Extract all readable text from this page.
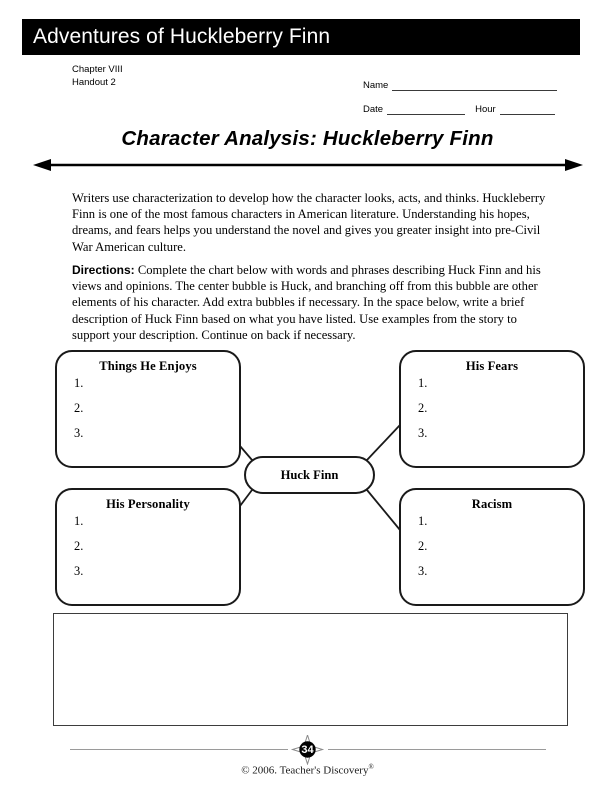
Adventures of Huckleberry Finn
Chapter VIII
Handout 2	Name
Date	Hour
Character Analysis: Huckleberry Finn

Writers use characterization to develop how the character looks, acts, and thinks. Huckleberry Finn is one of the most famous characters in American literature. Understanding his hopes, dreams, and fears helps you understand the novel and gives you greater insight into pre-Civil War American culture.

Directions: Complete the chart below with words and phrases describing Huck Finn and his views and opinions. The center bubble is Huck, and branching off from this bubble are other elements of his character. Add extra bubbles if necessary. In the space below, write a brief description of Huck Finn based on what you have listed. Use examples from the story to support your description. Continue on back if necessary.

Things He Enjoys
1.
2.
3.
His Fears
1.
2.
3.
His Personality
1.
2.
3.
Racism
1.
2.
3.
Huck Finn
34
© 2006. Teacher's Discovery®
